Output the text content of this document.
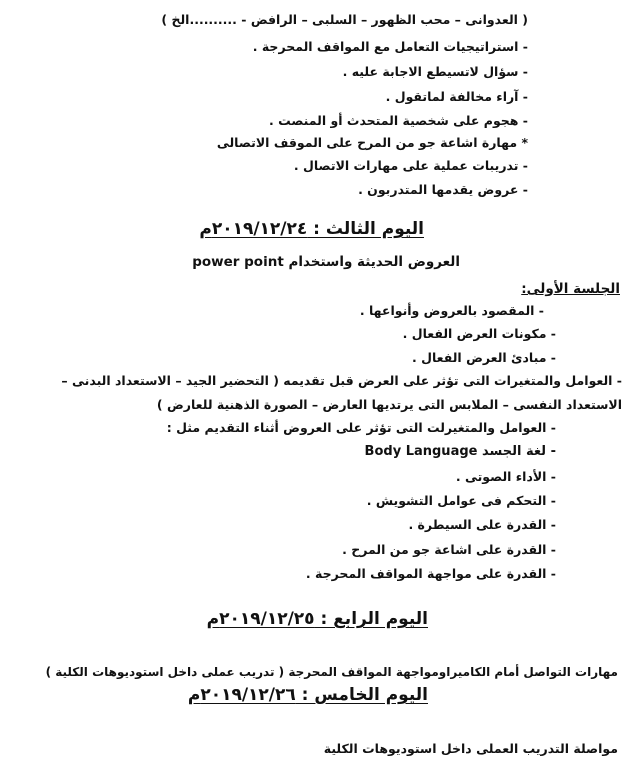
( العدوانى – محب الظهور – السلبى – الرافض - ..........الخ )
- استراتيجيات التعامل مع المواقف المحرجة .
- سؤال لاتسيطع الاجابة عليه .
- آراء مخالفة لماتقول .
- هجوم على شخصية المتحدث أو المنصت .
* مهارة اشاعة جو من المرح على الموقف الاتصالى
- تدريبات عملية على مهارات الاتصال .
- عروض يقدمها المتدربون .
اليوم الثالث : ٢٠١٩/١٢/٢٤م
العروض الحديثة واستخدام power point
الجلسة الأولى:
- المقصود بالعروض وأنواعها .
- مكونات العرض الفعال .
- مبادئ العرض الفعال .
- العوامل والمتغيرات التى تؤثر على العرض قبل تقديمه ( التحضير الجيد – الاستعداد البدنى –
الاستعداد النفسى – الملابس التى يرتديها العارض – الصورة الذهنية للعارض )
- العوامل والمتغيرلت التى تؤثر على العروض أثناء التقديم مثل :
- لغة الجسد Body Language
- الأداء الصوتى .
- التحكم فى عوامل التشويش .
- القدرة على السيطرة .
- القدرة على اشاعة جو من المرح .
- القدرة على مواجهة المواقف المحرجة .
اليوم الرابع : ٢٠١٩/١٢/٢٥م
مهارات التواصل أمام الكاميراومواجهة المواقف المحرجة ( تدريب عملى داخل استوديوهات الكلية )
اليوم الخامس : ٢٠١٩/١٢/٢٦م
مواصلة التدريب العملى داخل استوديوهات الكلية
